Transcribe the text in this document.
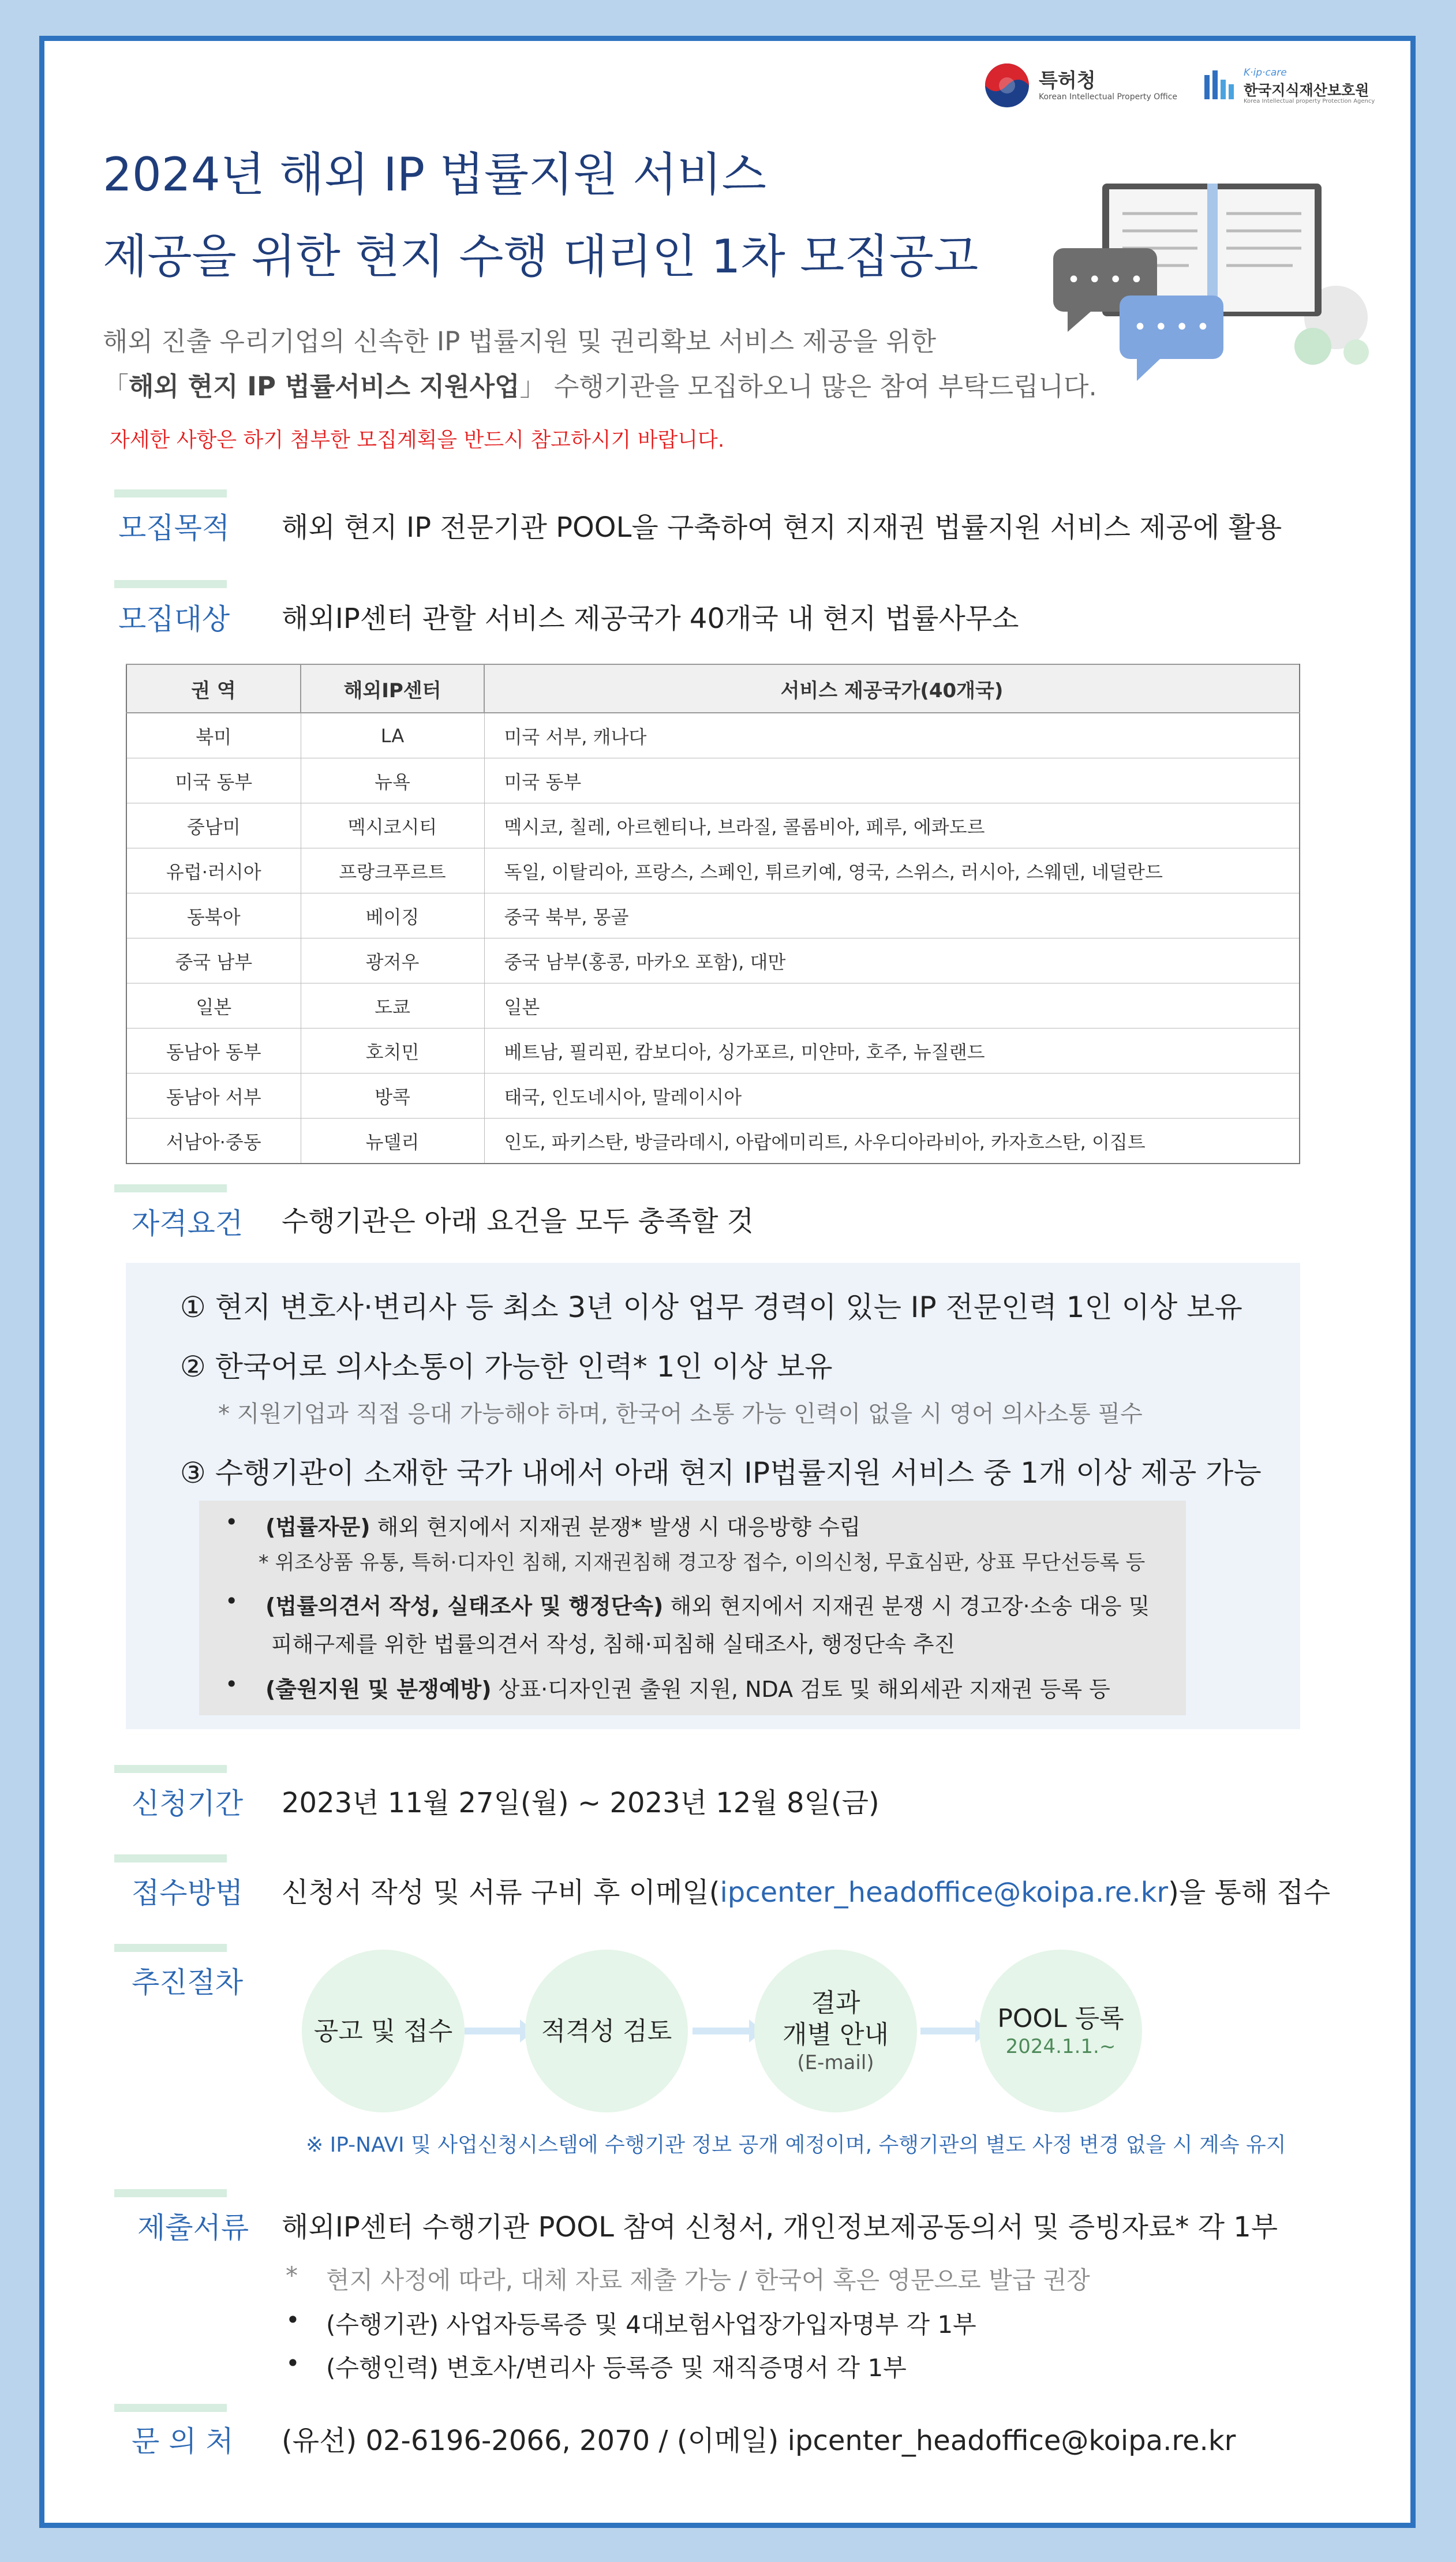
특허청
Korean Intellectual Property Office
K·ip·care
한국지식재산보호원
Korea Intellectual property Protection Agency
• • • •
• • • •
2024년 해외 IP 법률지원 서비스
제공을 위한 현지 수행 대리인 1차 모집공고
해외 진출 우리기업의 신속한 IP 법률지원 및 권리확보 서비스 제공을 위한
「해외 현지 IP 법률서비스 지원사업」 수행기관을 모집하오니 많은 참여 부탁드립니다.
자세한 사항은 하기 첨부한 모집계획을 반드시 참고하시기 바랍니다.
모집목적 해외 현지 IP 전문기관 POOL을 구축하여 현지 지재권 법률지원 서비스 제공에 활용
모집대상 해외IP센터 관할 서비스 제공국가 40개국 내 현지 법률사무소
권 역	해외IP센터	서비스 제공국가(40개국)
북미	LA	미국 서부, 캐나다
미국 동부	뉴욕	미국 동부
중남미	멕시코시티	멕시코, 칠레, 아르헨티나, 브라질, 콜롬비아, 페루, 에콰도르
유럽·러시아	프랑크푸르트	독일, 이탈리아, 프랑스, 스페인, 튀르키예, 영국, 스위스, 러시아, 스웨덴, 네덜란드
동북아	베이징	중국 북부, 몽골
중국 남부	광저우	중국 남부(홍콩, 마카오 포함), 대만
일본	도쿄	일본
동남아 동부	호치민	베트남, 필리핀, 캄보디아, 싱가포르, 미얀마, 호주, 뉴질랜드
동남아 서부	방콕	태국, 인도네시아, 말레이시아
서남아·중동	뉴델리	인도, 파키스탄, 방글라데시, 아랍에미리트, 사우디아라비아, 카자흐스탄, 이집트
자격요건 수행기관은 아래 요건을 모두 충족할 것
① 현지 변호사·변리사 등 최소 3년 이상 업무 경력이 있는 IP 전문인력 1인 이상 보유
② 한국어로 의사소통이 가능한 인력* 1인 이상 보유
* 지원기업과 직접 응대 가능해야 하며, 한국어 소통 가능 인력이 없을 시 영어 의사소통 필수
③ 수행기관이 소재한 국가 내에서 아래 현지 IP법률지원 서비스 중 1개 이상 제공 가능
• (법률자문) 해외 현지에서 지재권 분쟁* 발생 시 대응방향 수립
* 위조상품 유통, 특허·디자인 침해, 지재권침해 경고장 접수, 이의신청, 무효심판, 상표 무단선등록 등
• (법률의견서 작성, 실태조사 및 행정단속) 해외 현지에서 지재권 분쟁 시 경고장·소송 대응 및
피해구제를 위한 법률의견서 작성, 침해·피침해 실태조사, 행정단속 추진
• (출원지원 및 분쟁예방) 상표·디자인권 출원 지원, NDA 검토 및 해외세관 지재권 등록 등
신청기간 2023년 11월 27일(월) ~ 2023년 12월 8일(금)
접수방법 신청서 작성 및 서류 구비 후 이메일(ipcenter_headoffice@koipa.re.kr)을 통해 접수
추진절차
공고 및 접수	적격성 검토
결과
개별 안내
(E-mail)
POOL 등록
2024.1.1.~
※ IP-NAVI 및 사업신청시스템에 수행기관 정보 공개 예정이며, 수행기관의 별도 사정 변경 없을 시 계속 유지
제출서류 해외IP센터 수행기관 POOL 참여 신청서, 개인정보제공동의서 및 증빙자료* 각 1부
* 현지 사정에 따라, 대체 자료 제출 가능 / 한국어 혹은 영문으로 발급 권장
• (수행기관) 사업자등록증 및 4대보험사업장가입자명부 각 1부
• (수행인력) 변호사/변리사 등록증 및 재직증명서 각 1부
문 의 처 (유선) 02-6196-2066, 2070 / (이메일) ipcenter_headoffice@koipa.re.kr
